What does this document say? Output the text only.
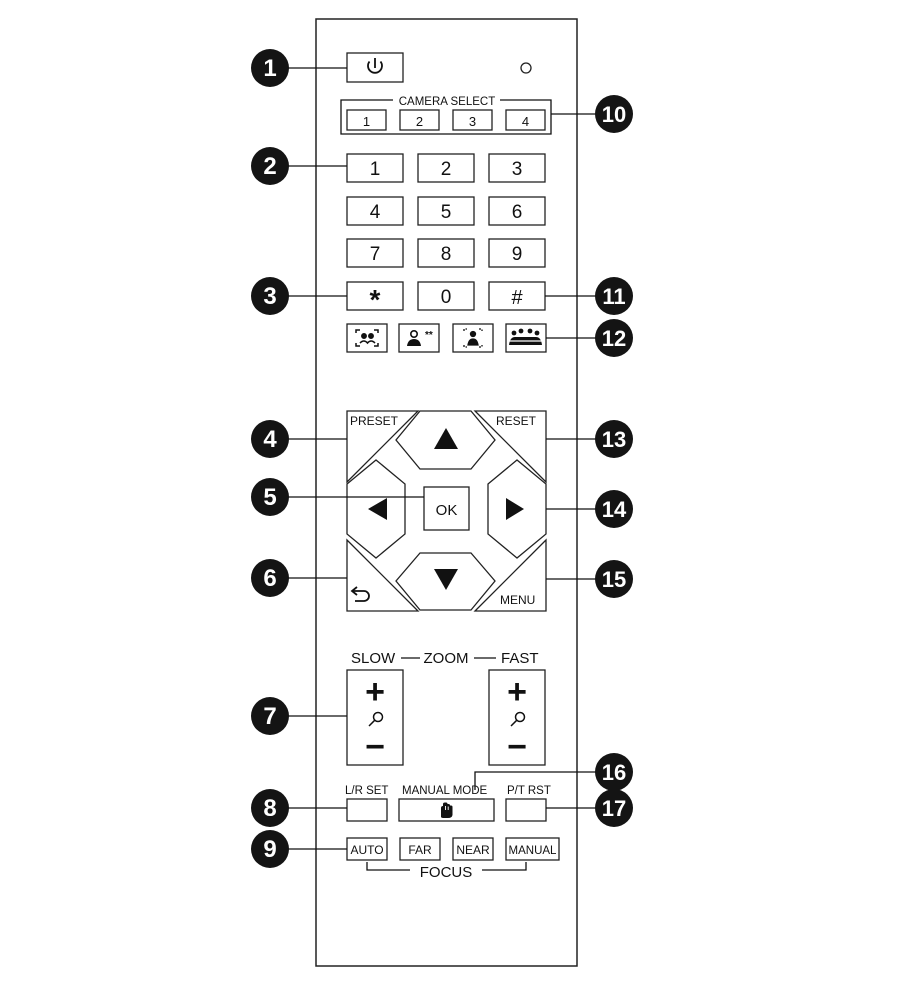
CAMERA SELECT
1	2	3	4
1	2	3
4	5	6
7	8	9
*	0	#
**
PRESET	RESET
MENU
OK
SLOW ZOOM FAST
+
−
+
−
L/R SET MANUAL MODE P/T RST
AUTO FAR NEAR MANUAL
FOCUS
1
2
3
4
5
6
7
8
9
10
11
12
13
14
15
16
17
